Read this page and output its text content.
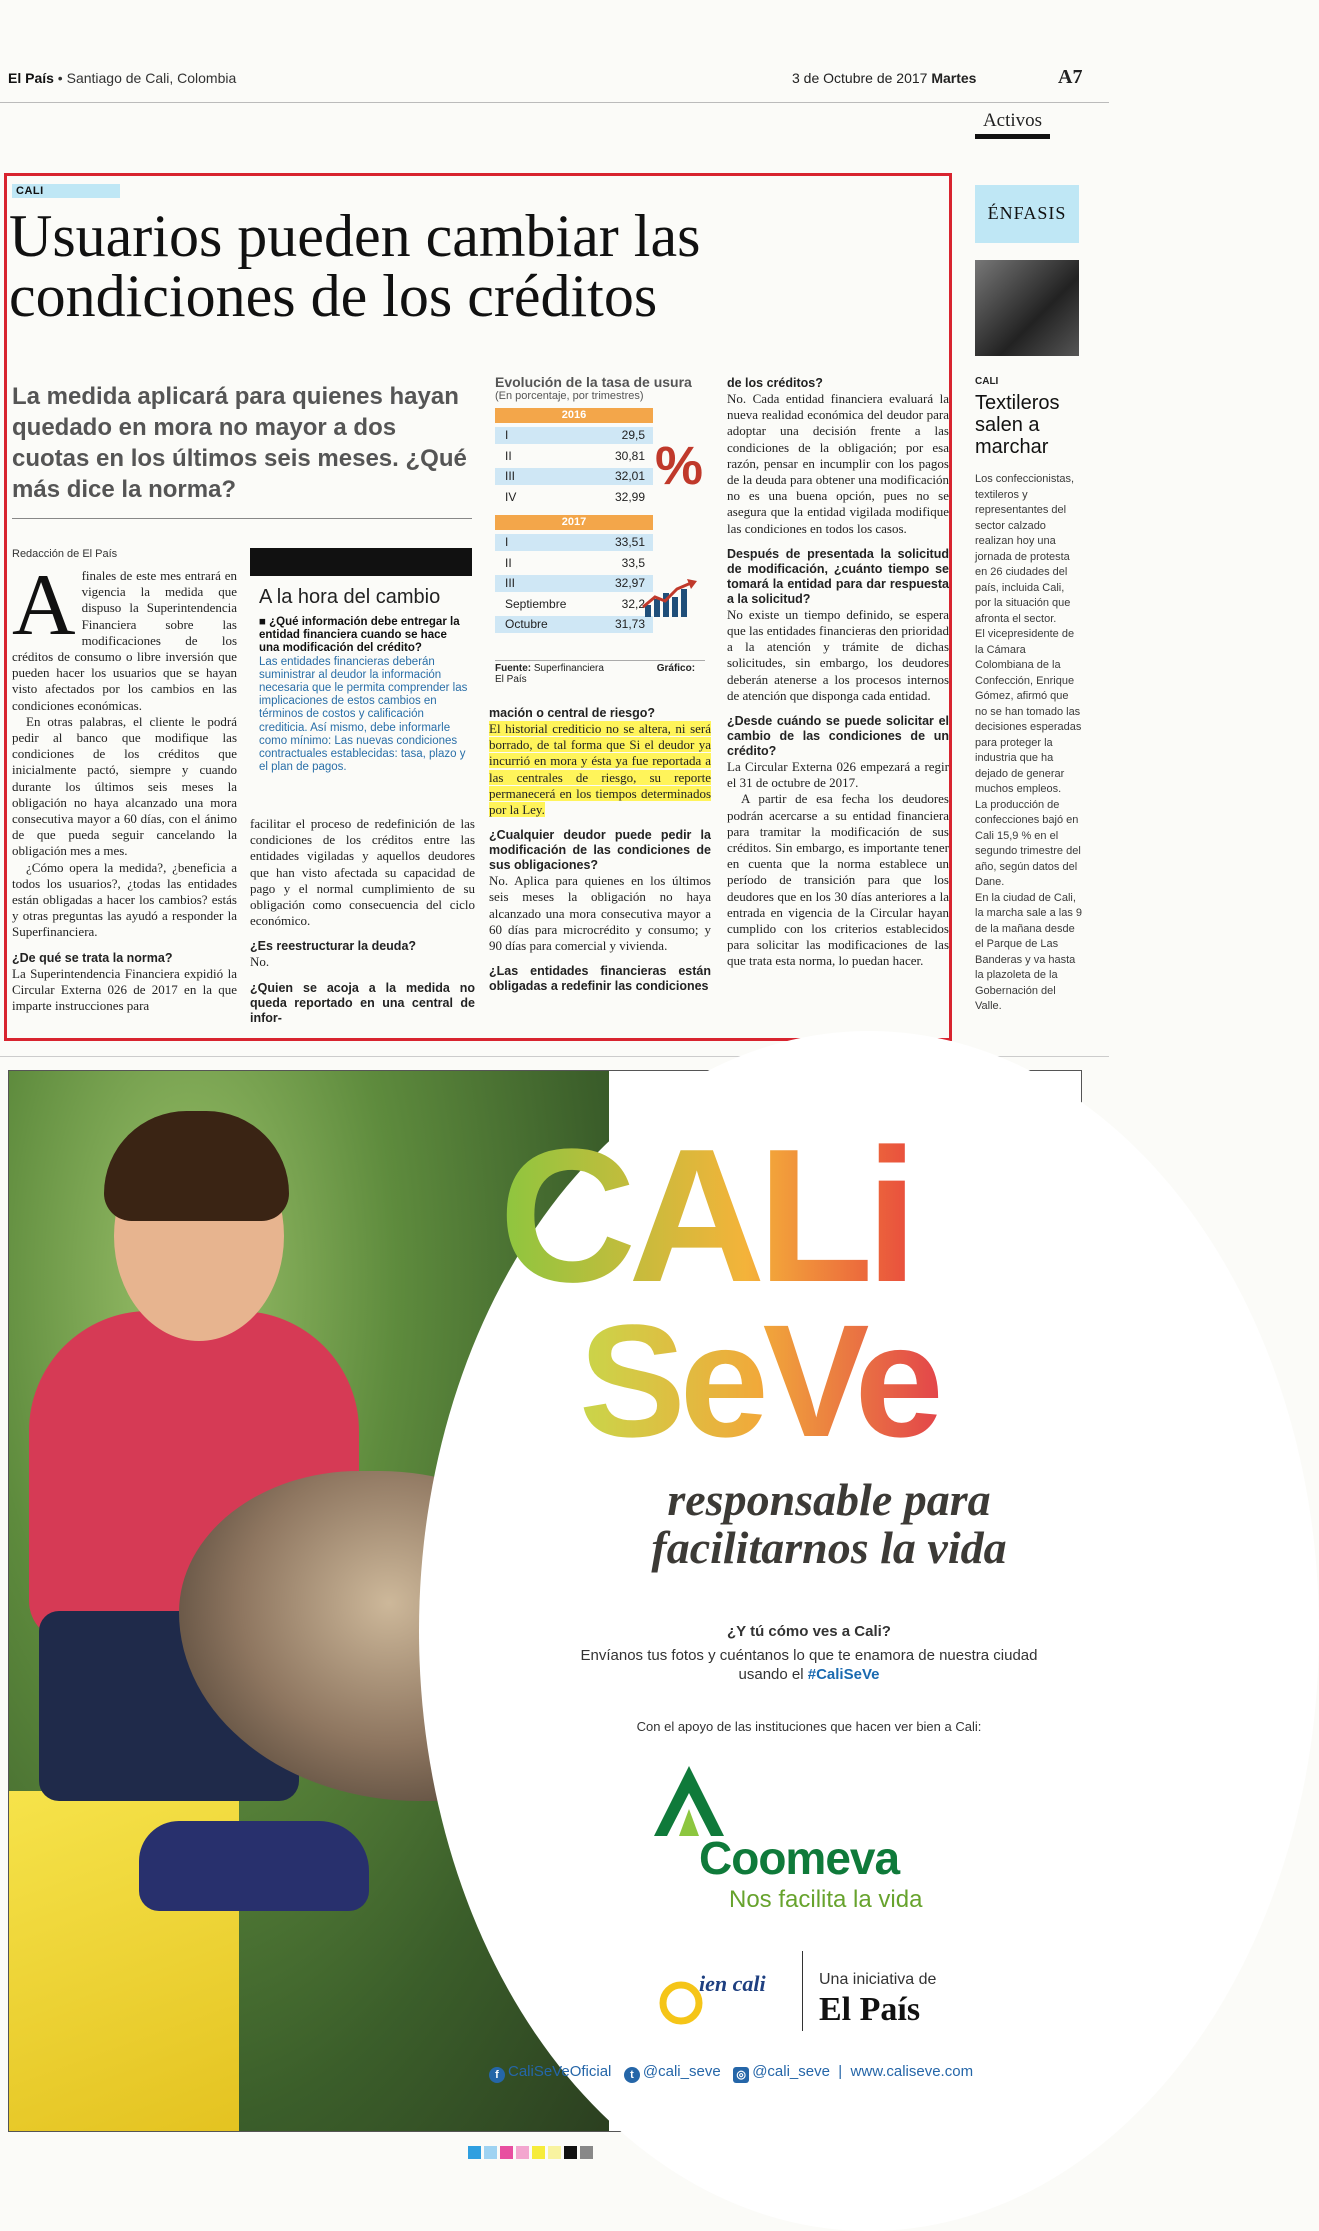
El País • Santiago de Cali, Colombia	3 de Octubre de 2017 Martes	A7
Activos
CALI
Usuarios pueden cambiar las condiciones de los créditos
La medida aplicará para quienes hayan quedado en mora no mayor a dos cuotas en los últimos seis meses. ¿Qué más dice la norma?
Redacción de El País
A finales de este mes entrará en vigencia la medida que dispuso la Superintendencia Financiera sobre las modificaciones de los créditos de consumo o libre inversión que pueden hacer los usuarios que se hayan visto afectados por los cambios en las condiciones económicas.

En otras palabras, el cliente le podrá pedir al banco que modifique las condiciones de los créditos que inicialmente pactó, siempre y cuando durante los últimos seis meses la obligación no haya alcanzado una mora consecutiva mayor a 60 días, con el ánimo de que pueda seguir cancelando la obligación mes a mes.

¿Cómo opera la medida?, ¿beneficia a todos los usuarios?, ¿todas las entidades están obligadas a hacer los cambios? estás y otras preguntas las ayudó a responder la Superfinanciera.

¿De qué se trata la norma?

La Superintendencia Financiera expidió la Circular Externa 026 de 2017 en la que imparte instrucciones para

A la hora del cambio
■ ¿Qué información debe entregar la entidad financiera cuando se hace una modificación del crédito?
Las entidades financieras deberán suministrar al deudor la información necesaria que le permita comprender las implicaciones de estos cambios en términos de costos y calificación crediticia. Así mismo, debe informarle como mínimo: Las nuevas condiciones contractuales establecidas: tasa, plazo y el plan de pagos.

facilitar el proceso de redefinición de las condiciones de los créditos entre las entidades vigiladas y aquellos deudores que han visto afectada su capacidad de pago y el normal cumplimiento de su obligación como consecuencia del ciclo económico.

¿Es reestructurar la deuda?

No.

¿Quien se acoja a la medida no queda reportado en una central de infor-

Evolución de la tasa de usura
(En porcentaje, por trimestres)
2016
I	29,5
II	30,81
III	32,01
IV	32,99
2017
I	33,51
II	33,5
III	32,97
Septiembre	32,2
Octubre	31,73
%
Fuente: Superfinanciera	Gráfico: El País

mación o central de riesgo?

El historial crediticio no se altera, ni será borrado, de tal forma que Si el deudor ya incurrió en mora y ésta ya fue reportada a las centrales de riesgo, su reporte permanecerá en los tiempos determinados por la Ley.

¿Cualquier deudor puede pedir la modificación de las condiciones de sus obligaciones?

No. Aplica para quienes en los últimos seis meses la obligación no haya alcanzado una mora consecutiva mayor a 60 días para microcrédito y consumo; y 90 días para comercial y vivienda.

¿Las entidades financieras están obligadas a redefinir las condiciones

de los créditos?

No. Cada entidad financiera evaluará la nueva realidad económica del deudor para adoptar una decisión frente a las condiciones de la obligación; por esa razón, pensar en incumplir con los pagos de la deuda para obtener una modificación no es una buena opción, pues no se asegura que la entidad vigilada modifique las condiciones en todos los casos.

Después de presentada la solicitud de modificación, ¿cuánto tiempo se tomará la entidad para dar respuesta a la solicitud?

No existe un tiempo definido, se espera que las entidades financieras den prioridad a la atención y trámite de dichas solicitudes, sin embargo, los deudores deberán atenerse a los procesos internos de atención que disponga cada entidad.

¿Desde cuándo se puede solicitar el cambio de las condiciones de un crédito?

La Circular Externa 026 empezará a regir el 31 de octubre de 2017.

A partir de esa fecha los deudores podrán acercarse a su entidad financiera para tramitar la modificación de sus créditos. Sin embargo, es importante tener en cuenta que la norma establece un período de transición para que los deudores que en los 30 días anteriores a la entrada en vigencia de la Circular hayan cumplido con los criterios establecidos para solicitar las modificaciones de las que trata esta norma, lo puedan hacer.

ÉNFASIS
CALI
Textileros salen a marchar

Los confeccionistas, textileros y representantes del sector calzado realizan hoy una jornada de protesta en 26 ciudades del país, incluida Cali, por la situación que afronta el sector.

El vicepresidente de la Cámara Colombiana de la Confección, Enrique Gómez, afirmó que no se han tomado las decisiones esperadas para proteger la industria que ha dejado de generar muchos empleos.

La producción de confecciones bajó en Cali 15,9 % en el segundo trimestre del año, según datos del Dane.

En la ciudad de Cali, la marcha sale a las 9 de la mañana desde el Parque de Las Banderas y va hasta la plazoleta de la Gobernación del Valle.

CALi
SeVe
responsable para facilitarnos la vida
¿Y tú cómo ves a Cali?
Envíanos tus fotos y cuéntanos lo que te enamora de nuestra ciudad usando el #CaliSeVe
Con el apoyo de las instituciones que hacen ver bien a Cali:
Coomeva
Nos facilita la vida
ien cali	Una iniciativa de
El País
f CaliSeVeOficial t @cali_seve ◎ @cali_seve  |  www.caliseve.com
